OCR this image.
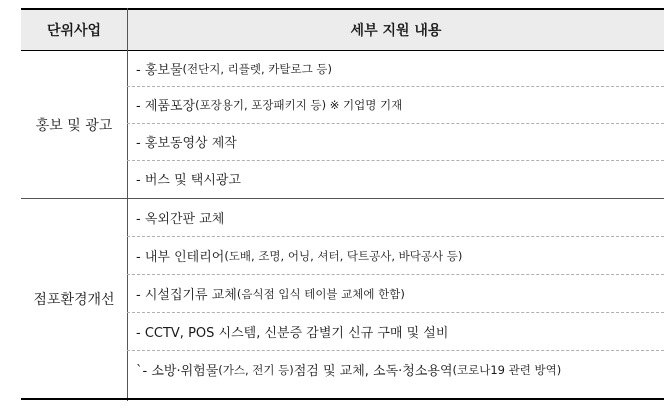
단위사업	세부 지원 내용
홍보 및 광고
- 홍보물 (전단지, 리플렛, 카탈로그 등)
- 제품포장 (포장용기, 포장패키지 등) ※ 기업명 기재
- 홍보동영상 제작
- 버스 및 택시광고
점포환경개선
- 옥외간판 교체
- 내부 인테리어 (도배, 조명, 어닝, 셔터, 닥트공사, 바닥공사 등)
- 시설집기류 교체 (음식점 입식 테이블 교체에 한함)
- CCTV, POS 시스템, 신분증 감별기 신규 구매 및 설비
`- 소방·위험물 (가스, 전기 등) 점검 및 교체, 소독·청소용역 (코로나19 관련 방역)
